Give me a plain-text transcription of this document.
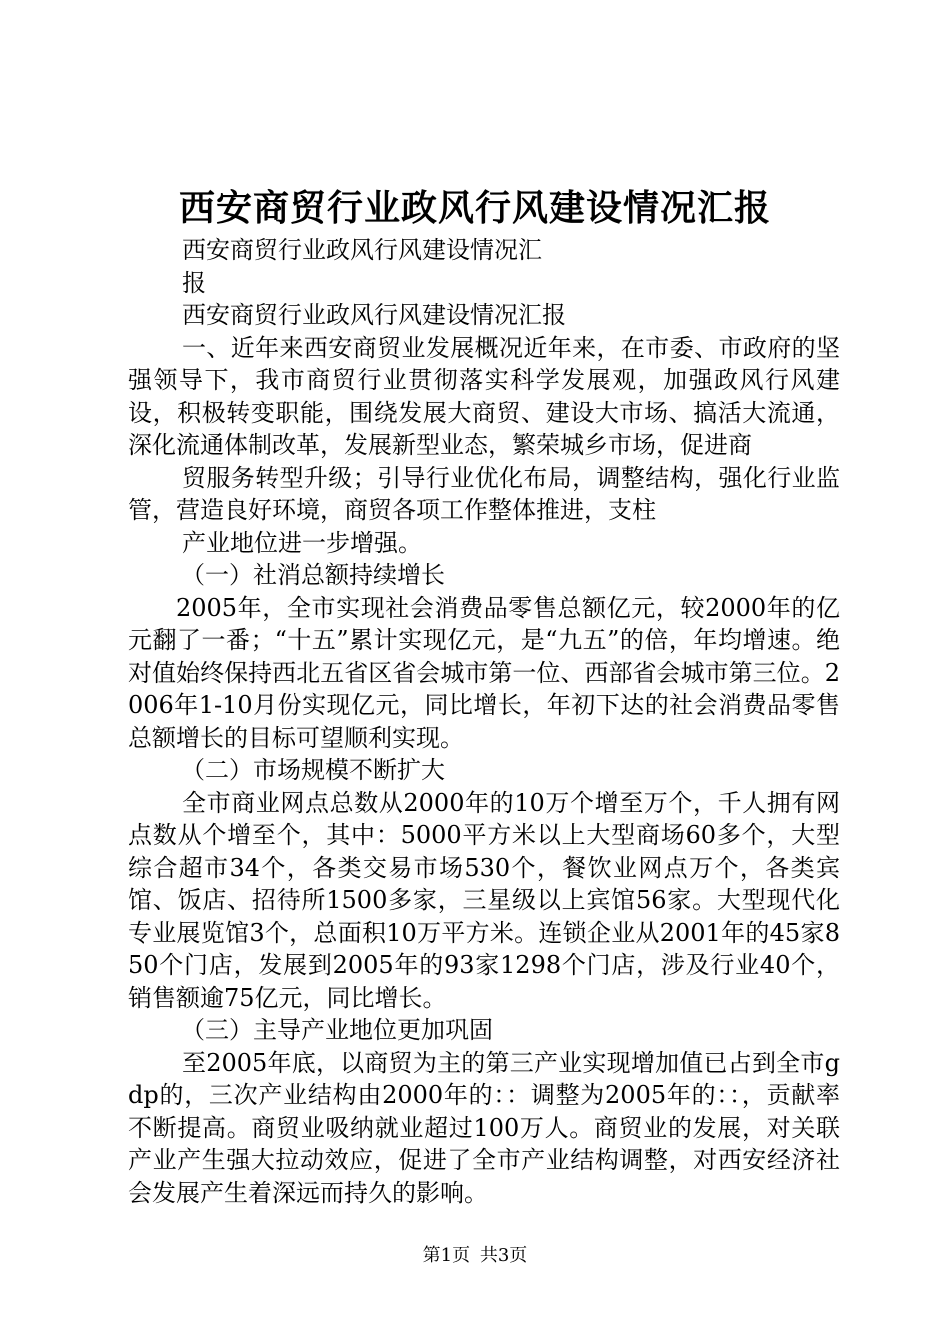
西安商贸行业政风行风建设情况汇报

西安商贸行业政风行风建设情况汇

报

西安商贸行业政风行风建设情况汇报

一、近年来西安商贸业发展概况近年来，在市委、市政府的坚强领导下，我市商贸行业贯彻落实科学发展观，加强政风行风建设，积极转变职能，围绕发展大商贸、建设大市场、搞活大流通，深化流通体制改革，发展新型业态，繁荣城乡市场，促进商

贸服务转型升级；引导行业优化布局，调整结构，强化行业监管，营造良好环境，商贸各项工作整体推进，支柱

产业地位进一步增强。

（一）社消总额持续增长

2005年，全市实现社会消费品零售总额亿元，较2000年的亿元翻了一番；“十五”累计实现亿元，是“九五”的倍，年均增速。绝对值始终保持西北五省区省会城市第一位、西部省会城市第三位。2006年1-10月份实现亿元，同比增长，年初下达的社会消费品零售总额增长的目标可望顺利实现。

（二）市场规模不断扩大

全市商业网点总数从2000年的10万个增至万个，千人拥有网点数从个增至个，其中：5000平方米以上大型商场60多个，大型综合超市34个，各类交易市场530个，餐饮业网点万个，各类宾馆、饭店、招待所1500多家，三星级以上宾馆56家。大型现代化专业展览馆3个，总面积10万平方米。连锁企业从2001年的45家850个门店，发展到2005年的93家1298个门店，涉及行业40个，销售额逾75亿元，同比增长。

（三）主导产业地位更加巩固

至2005年底，以商贸为主的第三产业实现增加值已占到全市gdp的，三次产业结构由2000年的：：调整为2005年的：：，贡献率不断提高。商贸业吸纳就业超过100万人。商贸业的发展，对关联产业产生强大拉动效应，促进了全市产业结构调整，对西安经济社会发展产生着深远而持久的影响。

第1页 共3页
